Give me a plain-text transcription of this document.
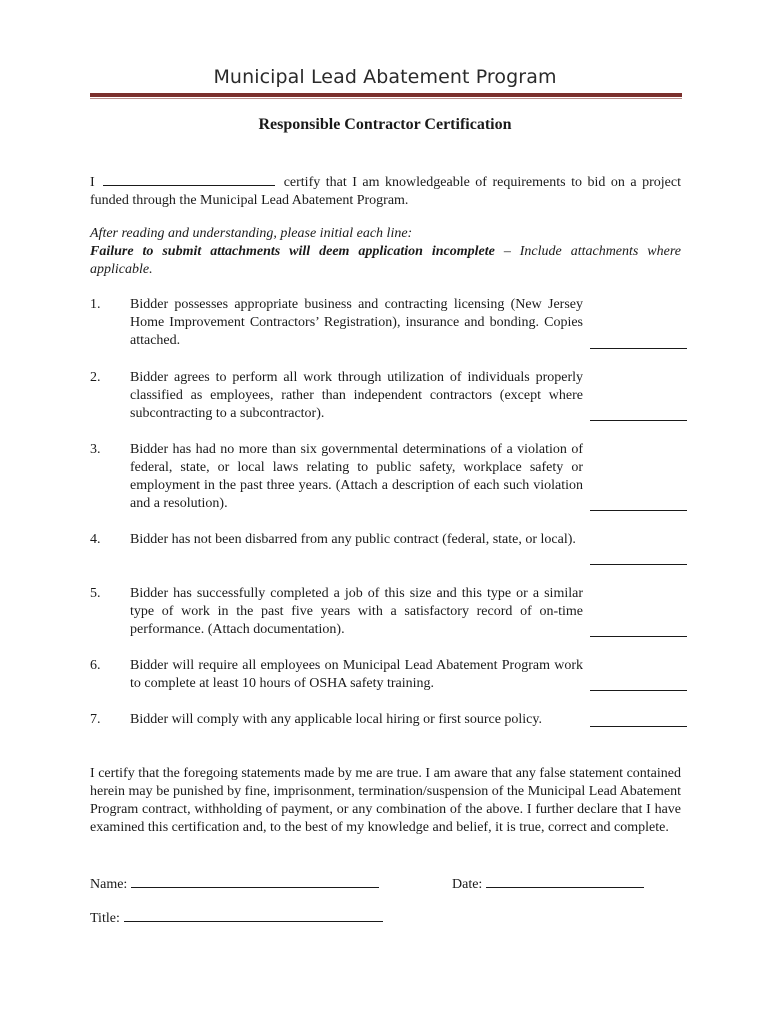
Municipal Lead Abatement Program
Responsible Contractor Certification
I	certify that I am knowledgeable of requirements to bid on a project funded through the Municipal Lead Abatement Program.
After reading and understanding, please initial each line:
Failure to submit attachments will deem application incomplete – Include attachments where applicable.
1.	Bidder possesses appropriate business and contracting licensing (New Jersey Home Improvement Contractors’ Registration), insurance and bonding. Copies attached.
2.	Bidder agrees to perform all work through utilization of individuals properly classified as employees, rather than independent contractors (except where subcontracting to a subcontractor).
3.	Bidder has had no more than six governmental determinations of a violation of federal, state, or local laws relating to public safety, workplace safety or employment in the past three years. (Attach a description of each such violation and a resolution).
4.	Bidder has not been disbarred from any public contract (federal, state, or local).
5.	Bidder has successfully completed a job of this size and this type or a similar type of work in the past five years with a satisfactory record of on-time performance. (Attach documentation).
6.	Bidder will require all employees on Municipal Lead Abatement Program work to complete at least 10 hours of OSHA safety training.
7.	Bidder will comply with any applicable local hiring or first source policy.
I certify that the foregoing statements made by me are true. I am aware that any false statement contained herein may be punished by fine, imprisonment, termination/suspension of the Municipal Lead Abatement Program contract, withholding of payment, or any combination of the above. I further declare that I have examined this certification and, to the best of my knowledge and belief, it is true, correct and complete.
Name:	Date:
Title:
